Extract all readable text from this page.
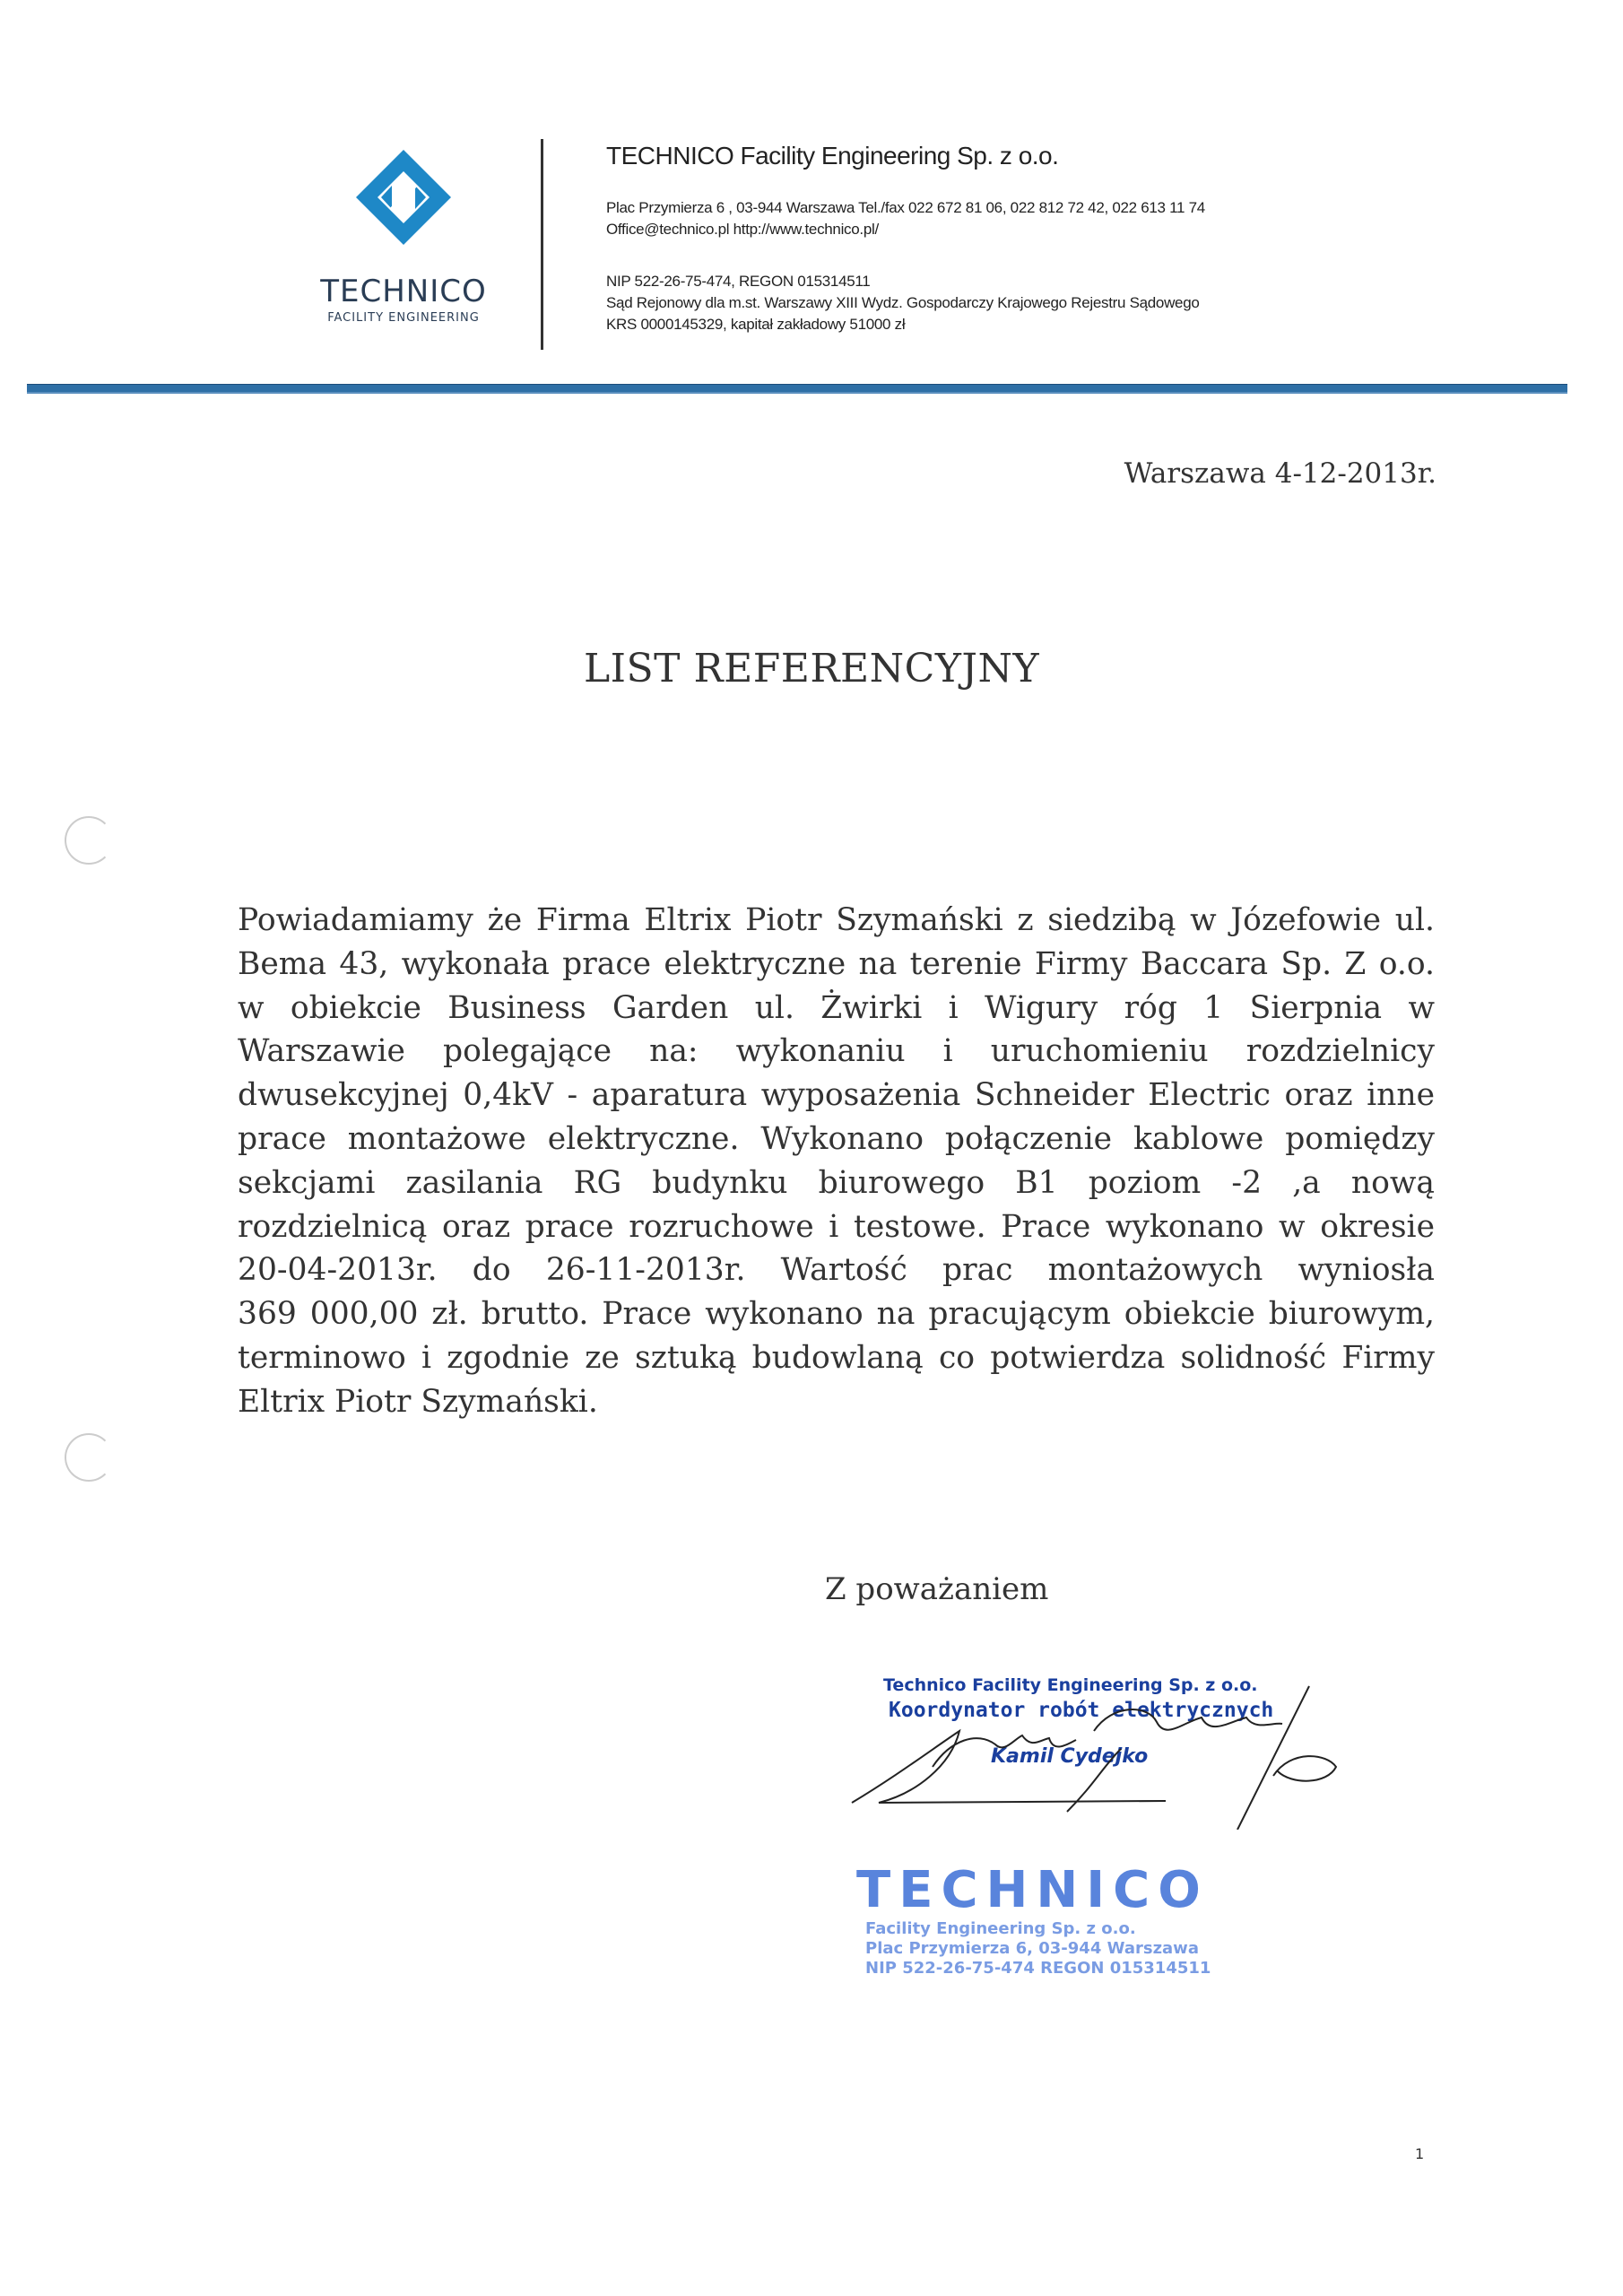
TECHNICO
FACILITY ENGINEERING
TECHNICO Facility Engineering Sp. z o.o.
Plac Przymierza 6 , 03-944 Warszawa Tel./fax 022 672 81 06, 022 812 72 42, 022 613 11 74
Office@technico.pl http://www.technico.pl/
NIP 522-26-75-474, REGON 015314511
Sąd Rejonowy dla m.st. Warszawy XIII Wydz. Gospodarczy Krajowego Rejestru Sądowego
KRS 0000145329, kapitał zakładowy 51000 zł
Warszawa 4-12-2013r.
LIST REFERENCYJNY
Powiadamiamy że Firma Eltrix Piotr Szymański z siedzibą w Józefowie ul.
Bema 43, wykonała prace elektryczne na terenie Firmy Baccara Sp. Z o.o.
w obiekcie Business Garden ul. Żwirki i Wigury róg 1 Sierpnia w
Warszawie polegające na: wykonaniu i uruchomieniu rozdzielnicy
dwusekcyjnej 0,4kV - aparatura wyposażenia Schneider Electric oraz inne
prace montażowe elektryczne. Wykonano połączenie kablowe pomiędzy
sekcjami zasilania RG budynku biurowego B1 poziom -2 ,a nową
rozdzielnicą oraz prace rozruchowe i testowe. Prace wykonano w okresie
20-04-2013r. do 26-11-2013r. Wartość prac montażowych wyniosła
369 000,00 zł. brutto. Prace wykonano na pracującym obiekcie biurowym,
terminowo i zgodnie ze sztuką budowlaną co potwierdza solidność Firmy
Eltrix Piotr Szymański.
Z poważaniem
Technico Facility Engineering Sp. z o.o.
Koordynator robót elektrycznych
Kamil Cydejko
TECHNICO
Facility Engineering Sp. z o.o.
Plac Przymierza 6, 03-944 Warszawa
NIP 522-26-75-474 REGON 015314511
1
